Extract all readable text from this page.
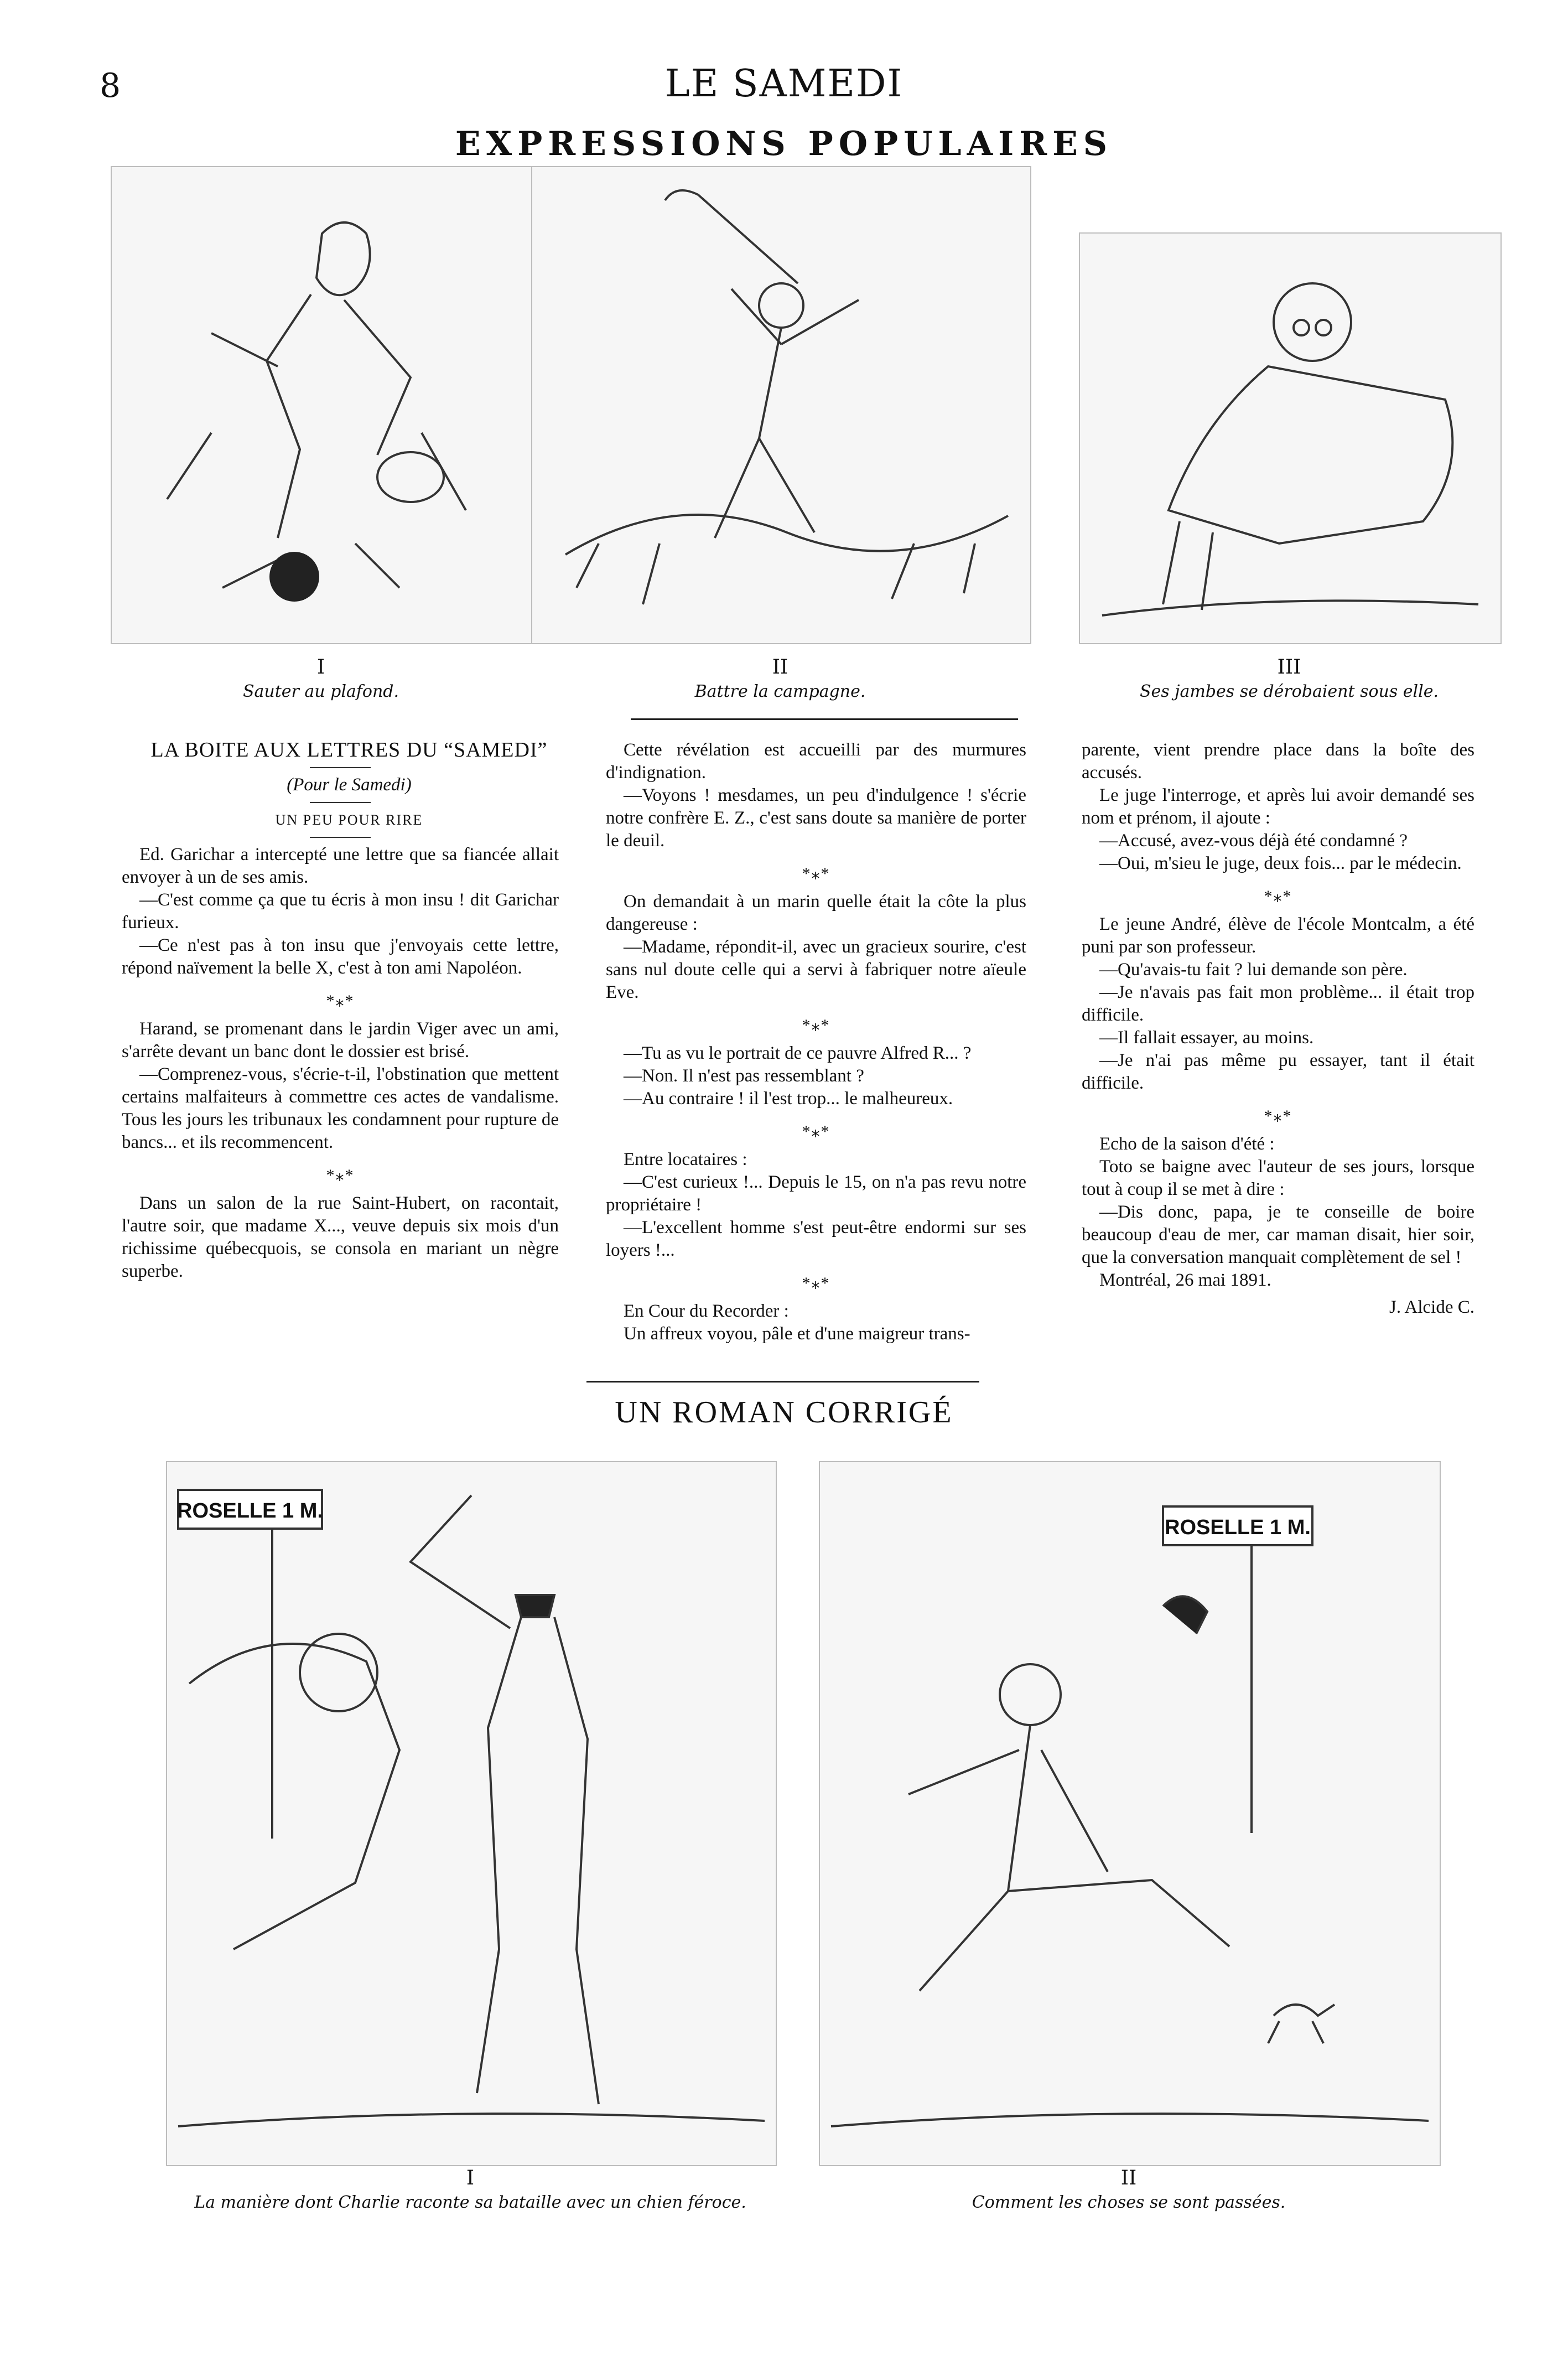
8	LE SAMEDI
EXPRESSIONS POPULAIRES
I
Sauter au plafond.
II
Battre la campagne.
III
Ses jambes se dérobaient sous elle.

LA BOITE AUX LETTRES DU “SAMEDI”

(Pour le Samedi)

UN PEU POUR RIRE

Ed. Garichar a intercepté une lettre que sa fiancée allait envoyer à un de ses amis.

—C'est comme ça que tu écris à mon insu ! dit Garichar furieux.

—Ce n'est pas à ton insu que j'envoyais cette lettre, répond naïvement la belle X, c'est à ton ami Napoléon.

*⁎*

Harand, se promenant dans le jardin Viger avec un ami, s'arrête devant un banc dont le dossier est brisé.

—Comprenez-vous, s'écrie-t-il, l'obstination que mettent certains malfaiteurs à commettre ces actes de vandalisme. Tous les jours les tribunaux les condamnent pour rupture de bancs... et ils recommencent.

*⁎*

Dans un salon de la rue Saint-Hubert, on racontait, l'autre soir, que madame X..., veuve depuis six mois d'un richissime québecquois, se consola en mariant un nègre superbe.

Cette révélation est accueilli par des murmures d'indignation.

—Voyons ! mesdames, un peu d'indulgence ! s'écrie notre confrère E. Z., c'est sans doute sa manière de porter le deuil.

*⁎*

On demandait à un marin quelle était la côte la plus dangereuse :

—Madame, répondit-il, avec un gracieux sourire, c'est sans nul doute celle qui a servi à fabriquer notre aïeule Eve.

*⁎*

—Tu as vu le portrait de ce pauvre Alfred R... ?

—Non. Il n'est pas ressemblant ?

—Au contraire ! il l'est trop... le malheureux.

*⁎*

Entre locataires :

—C'est curieux !... Depuis le 15, on n'a pas revu notre propriétaire !

—L'excellent homme s'est peut-être endormi sur ses loyers !...

*⁎*

En Cour du Recorder :

Un affreux voyou, pâle et d'une maigreur trans-

parente, vient prendre place dans la boîte des accusés.

Le juge l'interroge, et après lui avoir demandé ses nom et prénom, il ajoute :

—Accusé, avez-vous déjà été condamné ?

—Oui, m'sieu le juge, deux fois... par le médecin.

*⁎*

Le jeune André, élève de l'école Montcalm, a été puni par son professeur.

—Qu'avais-tu fait ? lui demande son père.

—Je n'avais pas fait mon problème... il était trop difficile.

—Il fallait essayer, au moins.

—Je n'ai pas même pu essayer, tant il était difficile.

*⁎*

Echo de la saison d'été :

Toto se baigne avec l'auteur de ses jours, lorsque tout à coup il se met à dire :

—Dis donc, papa, je te conseille de boire beaucoup d'eau de mer, car maman disait, hier soir, que la conversation manquait complètement de sel !

Montréal, 26 mai 1891.

J. Alcide C.

UN ROMAN CORRIGÉ
ROSELLE 1 M.
I
La manière dont Charlie raconte sa bataille avec un chien féroce.
ROSELLE 1 M.
II
Comment les choses se sont passées.
